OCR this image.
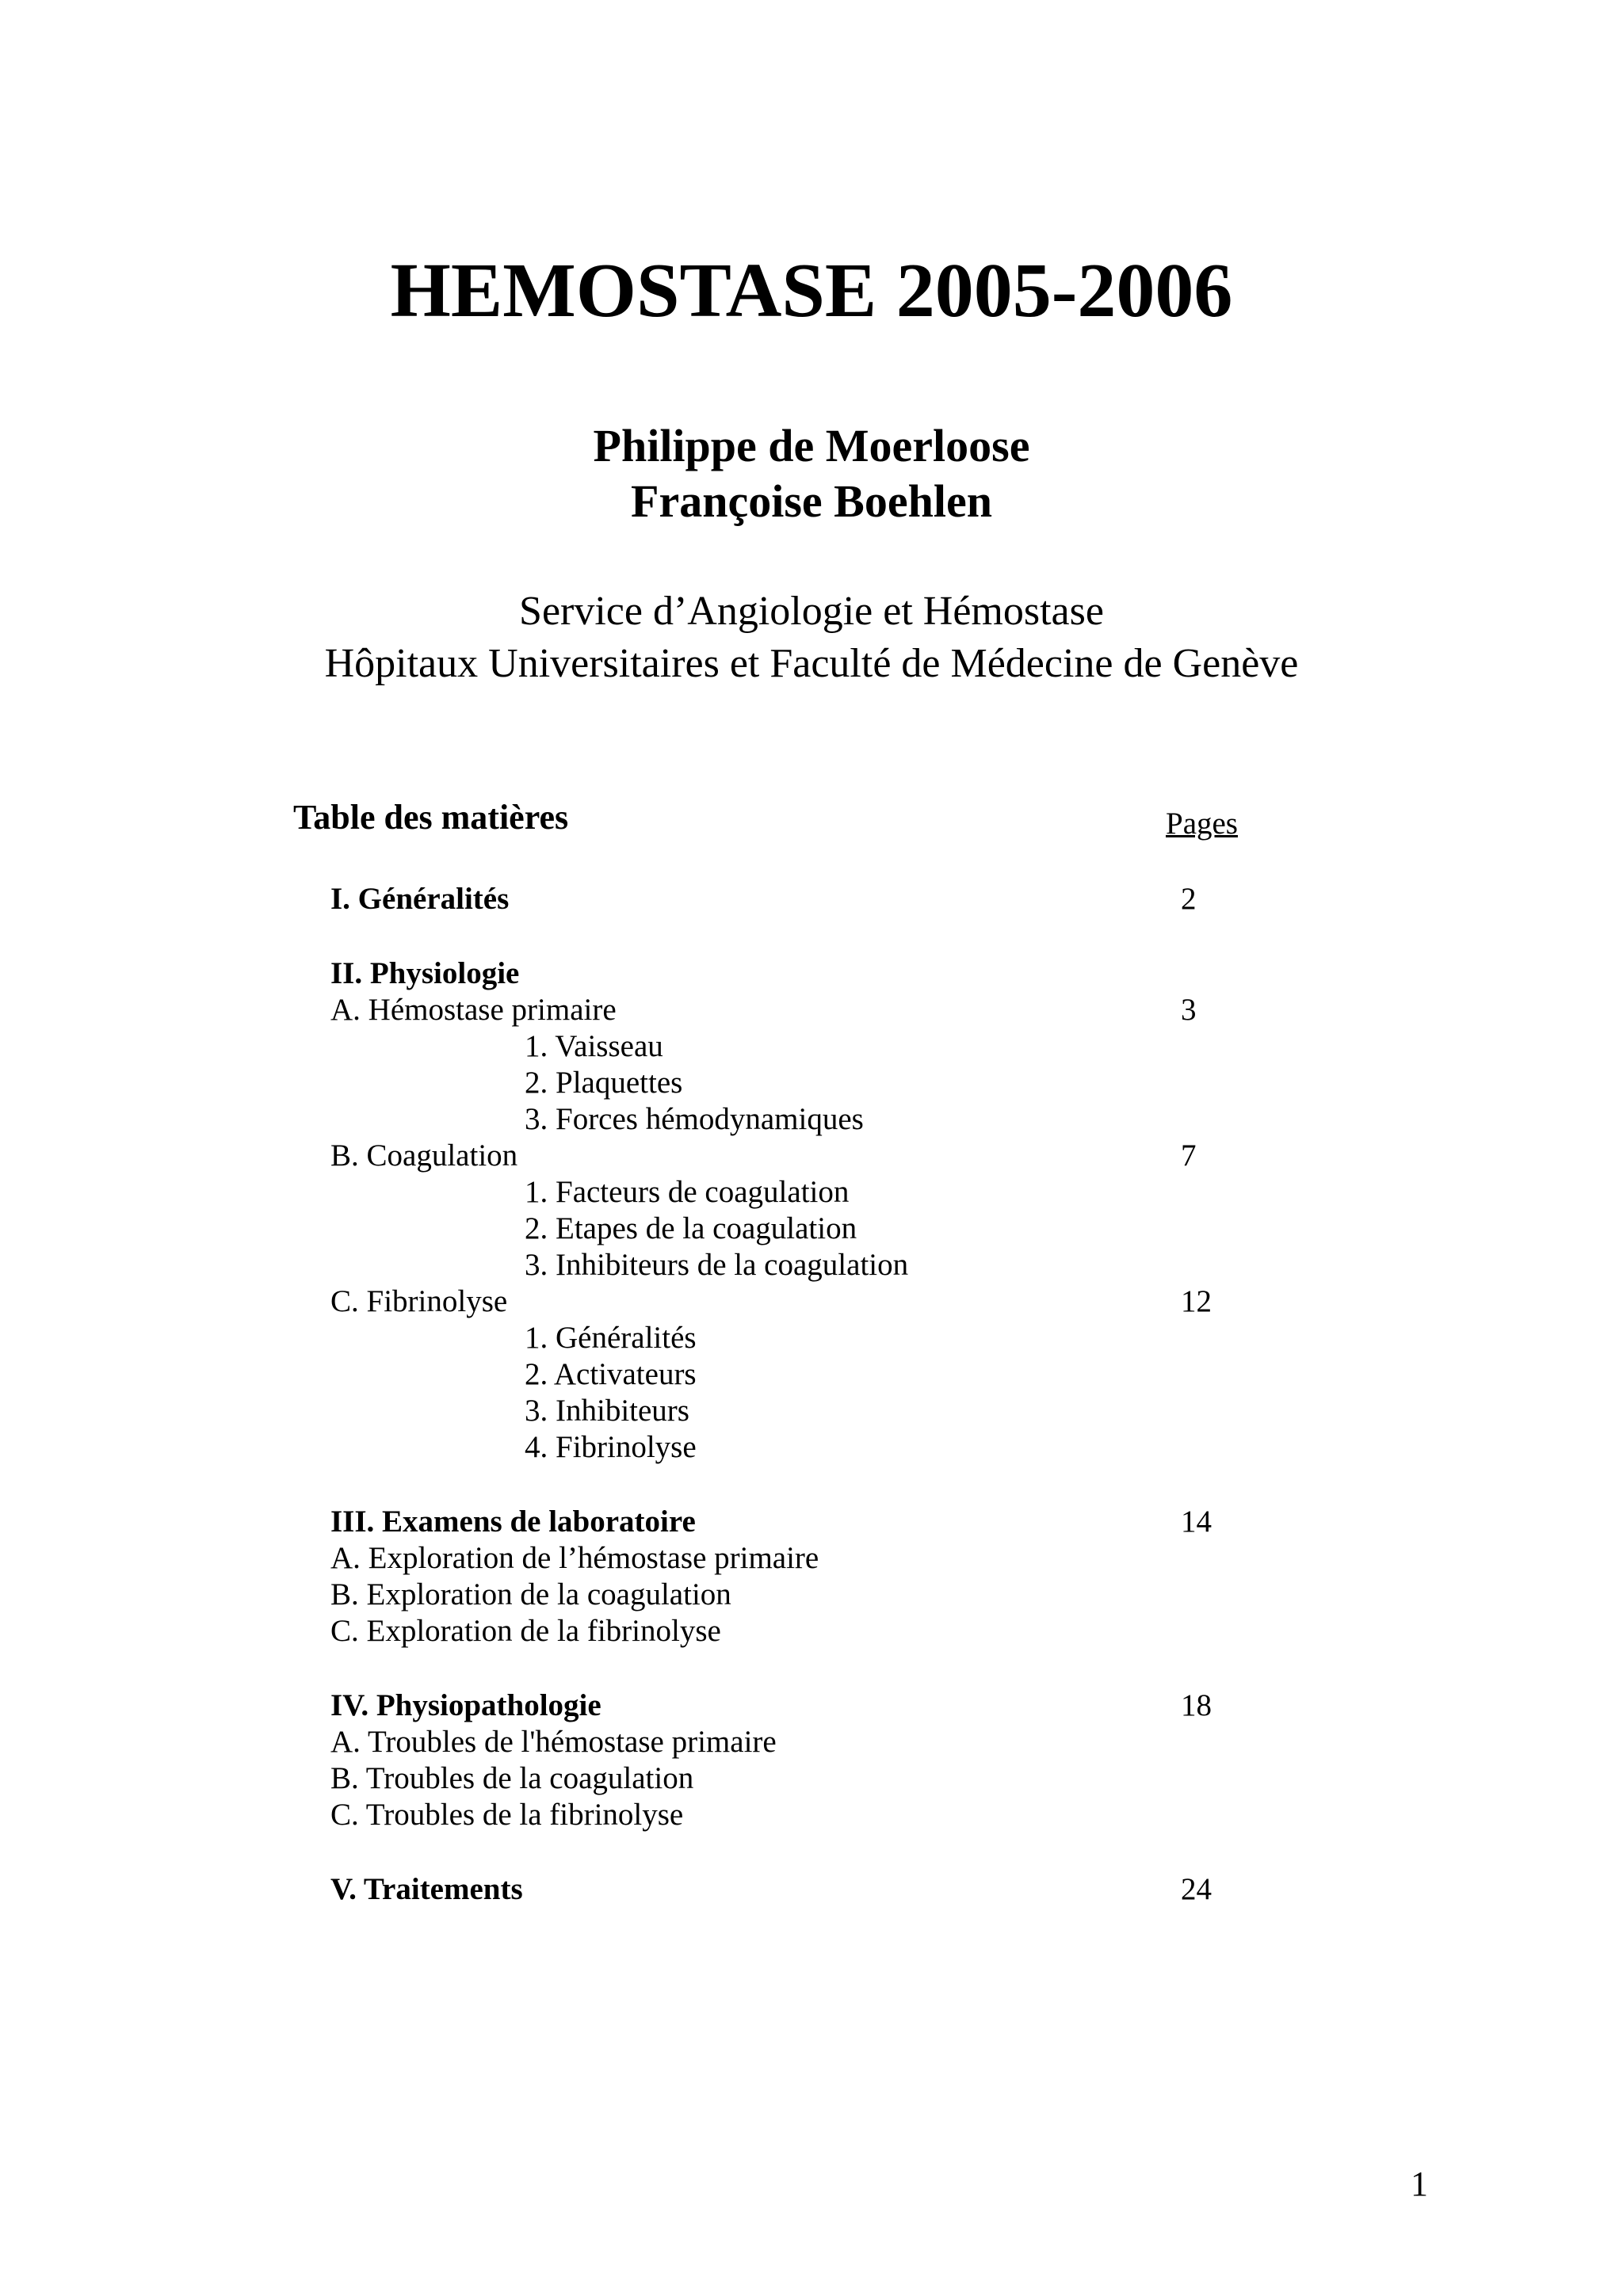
HEMOSTASE 2005-2006
Philippe de Moerloose
Françoise Boehlen
Service d’Angiologie et Hémostase
Hôpitaux Universitaires et Faculté de Médecine de Genève
Table des matières	Pages
I. Généralités	2
II. Physiologie
A. Hémostase primaire	3
1. Vaisseau
2. Plaquettes
3. Forces hémodynamiques
B. Coagulation	7
1. Facteurs de coagulation
2. Etapes de la coagulation
3. Inhibiteurs de la coagulation
C. Fibrinolyse	12
1. Généralités
2. Activateurs
3. Inhibiteurs
4. Fibrinolyse
III. Examens de laboratoire	14
A. Exploration de l’hémostase primaire
B. Exploration de la coagulation
C. Exploration de la fibrinolyse
IV. Physiopathologie	18
A. Troubles de l'hémostase primaire
B. Troubles de la coagulation
C. Troubles de la fibrinolyse
V. Traitements	24
1
